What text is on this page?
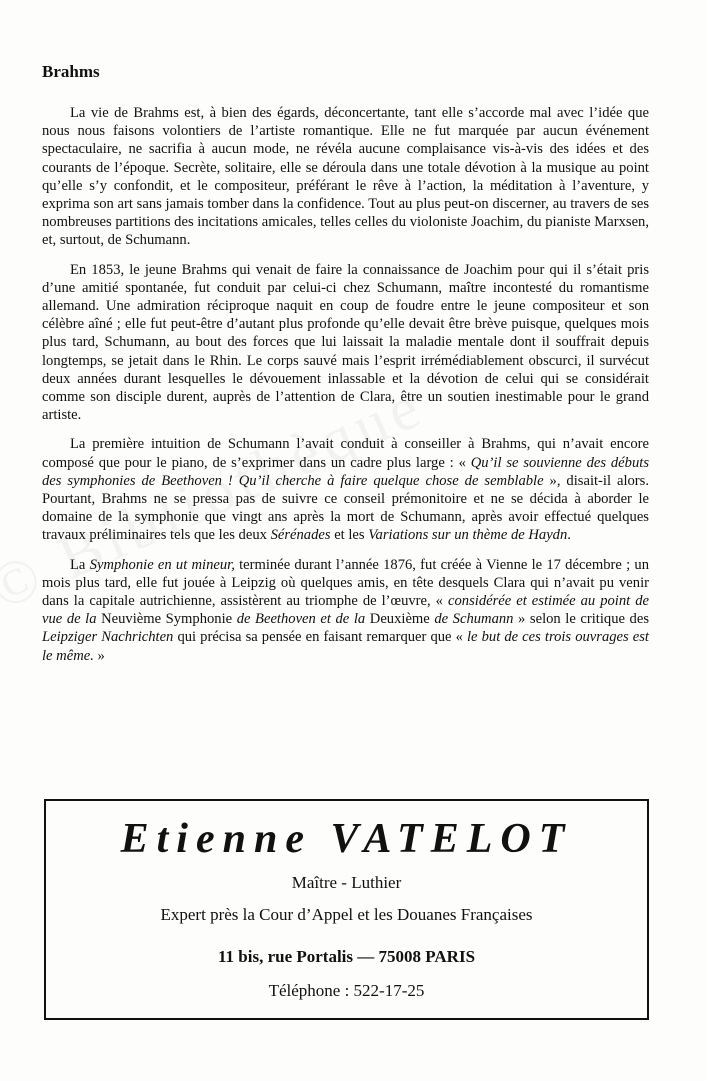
Brahms

La vie de Brahms est, à bien des égards, déconcertante, tant elle s’accorde mal avec l’idée que nous nous faisons volontiers de l’artiste romantique. Elle ne fut marquée par aucun événement spectaculaire, ne sacrifia à aucun mode, ne révéla aucune complaisance vis-à-vis des idées et des courants de l’époque. Secrète, solitaire, elle se déroula dans une totale dévotion à la musique au point qu’elle s’y confondit, et le compositeur, préférant le rêve à l’action, la méditation à l’aventure, y exprima son art sans jamais tomber dans la confidence. Tout au plus peut-on discerner, au travers de ses nombreuses partitions des incitations amicales, telles celles du violoniste Joachim, du pianiste Marxsen, et, surtout, de Schumann.

En 1853, le jeune Brahms qui venait de faire la connaissance de Joachim pour qui il s’était pris d’une amitié spontanée, fut conduit par celui-ci chez Schumann, maître incontesté du romantisme allemand. Une admiration réciproque naquit en coup de foudre entre le jeune compositeur et son célèbre aîné ; elle fut peut-être d’autant plus profonde qu’elle devait être brève puisque, quelques mois plus tard, Schumann, au bout des forces que lui laissait la maladie mentale dont il souffrait depuis longtemps, se jetait dans le Rhin. Le corps sauvé mais l’esprit irrémédiablement obscurci, il survécut deux années durant lesquelles le dévouement inlassable et la dévotion de celui qui se considérait comme son disciple durent, auprès de l’attention de Clara, être un soutien inestimable pour le grand artiste.

La première intuition de Schumann l’avait conduit à conseiller à Brahms, qui n’avait encore composé que pour le piano, de s’exprimer dans un cadre plus large : « Qu’il se souvienne des débuts des symphonies de Beethoven ! Qu’il cherche à faire quelque chose de semblable », disait-il alors. Pourtant, Brahms ne se pressa pas de suivre ce conseil prémonitoire et ne se décida à aborder le domaine de la symphonie que vingt ans après la mort de Schumann, après avoir effectué quelques travaux préliminaires tels que les deux Sérénades et les Variations sur un thème de Haydn.

La Symphonie en ut mineur, terminée durant l’année 1876, fut créée à Vienne le 17 décembre ; un mois plus tard, elle fut jouée à Leipzig où quelques amis, en tête desquels Clara qui n’avait pu venir dans la capitale autrichienne, assistèrent au triomphe de l’œuvre, « considérée et estimée au point de vue de la Neuvième Symphonie de Beethoven et de la Deuxième de Schumann » selon le critique des Leipziger Nachrichten qui précisa sa pensée en faisant remarquer que « le but de ces trois ouvrages est le même. »

Etienne VATELOT
Maître - Luthier
Expert près la Cour d’Appel et les Douanes Françaises
11 bis, rue Portalis — 75008 PARIS
Téléphone : 522-17-25
